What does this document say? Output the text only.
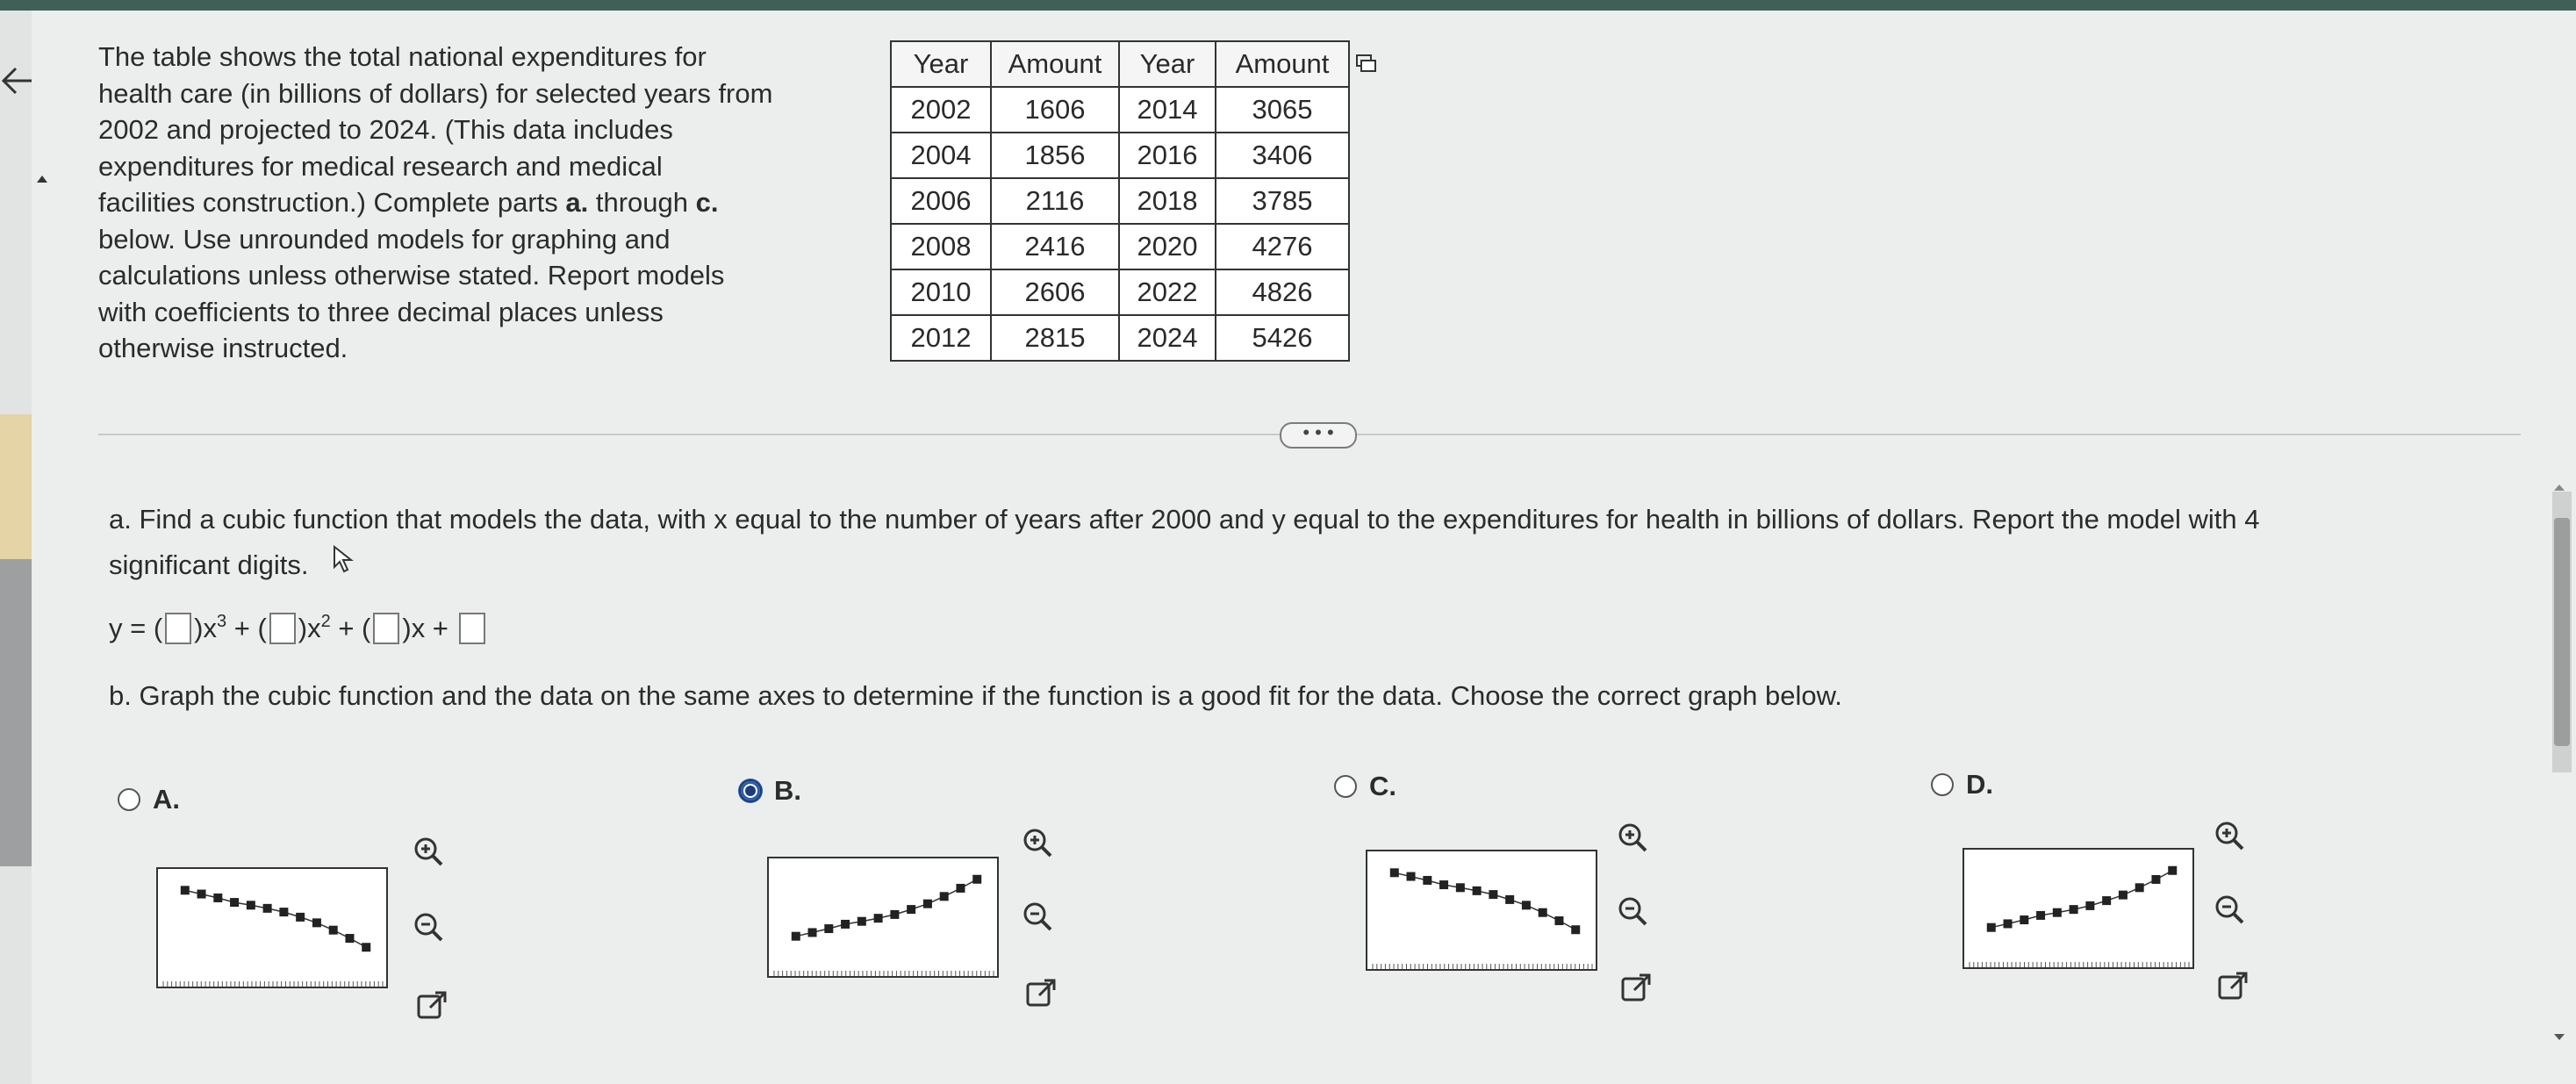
The table shows the total national expenditures for
health care (in billions of dollars) for selected years from
2002 and projected to 2024. (This data includes
expenditures for medical research and medical
facilities construction.) Complete parts a. through c.
below. Use unrounded models for graphing and
calculations unless otherwise stated. Report models
with coefficients to three decimal places unless
otherwise instructed.
Year	Amount	Year	Amount
2002	1606	2014	3065
2004	1856	2016	3406
2006	2116	2018	3785
2008	2416	2020	4276
2010	2606	2022	4826
2012	2815	2024	5426
• • •
a. Find a cubic function that models the data, with x equal to the number of years after 2000 and y equal to the expenditures for health in billions of dollars. Report the model with 4
significant digits.
y = ( )$x^3$ + ( )$x^2$ + ( )x +
b. Graph the cubic function and the data on the same axes to determine if the function is a good fit for the data. Choose the correct graph below.
A.	B.	C.	D.
